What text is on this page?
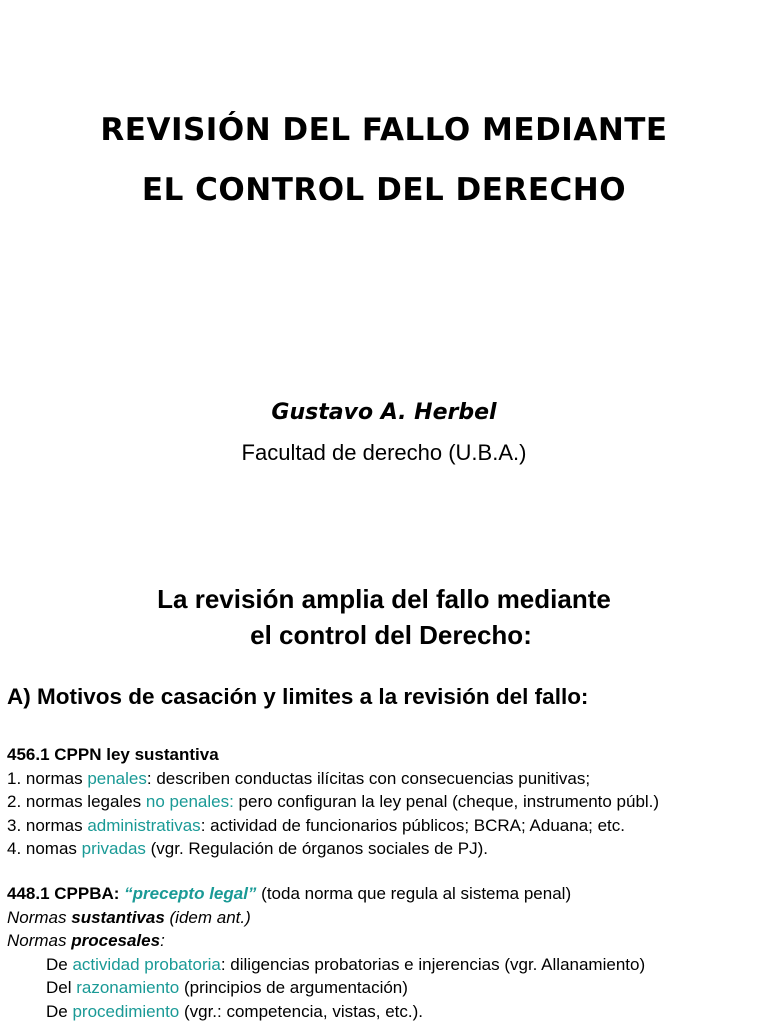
REVISIÓN DEL FALLO MEDIANTE
EL CONTROL DEL DERECHO
Gustavo A. Herbel
Facultad de derecho (U.B.A.)
La revisión amplia del fallo mediante
el control del Derecho:
A) Motivos de casación y limites a la revisión del fallo:
456.1 CPPN ley sustantiva
1. normas penales: describen conductas ilícitas con consecuencias punitivas;
2. normas legales no penales: pero configuran la ley penal (cheque, instrumento públ.)
3. normas administrativas: actividad de funcionarios públicos; BCRA; Aduana; etc.
4. nomas privadas (vgr. Regulación de órganos sociales de PJ).
448.1 CPPBA: “precepto legal” (toda norma que regula al sistema penal)
Normas sustantivas (idem ant.)
Normas procesales:
De actividad probatoria: diligencias probatorias e injerencias (vgr. Allanamiento)
Del razonamiento (principios de argumentación)
De procedimiento (vgr.: competencia, vistas, etc.).
